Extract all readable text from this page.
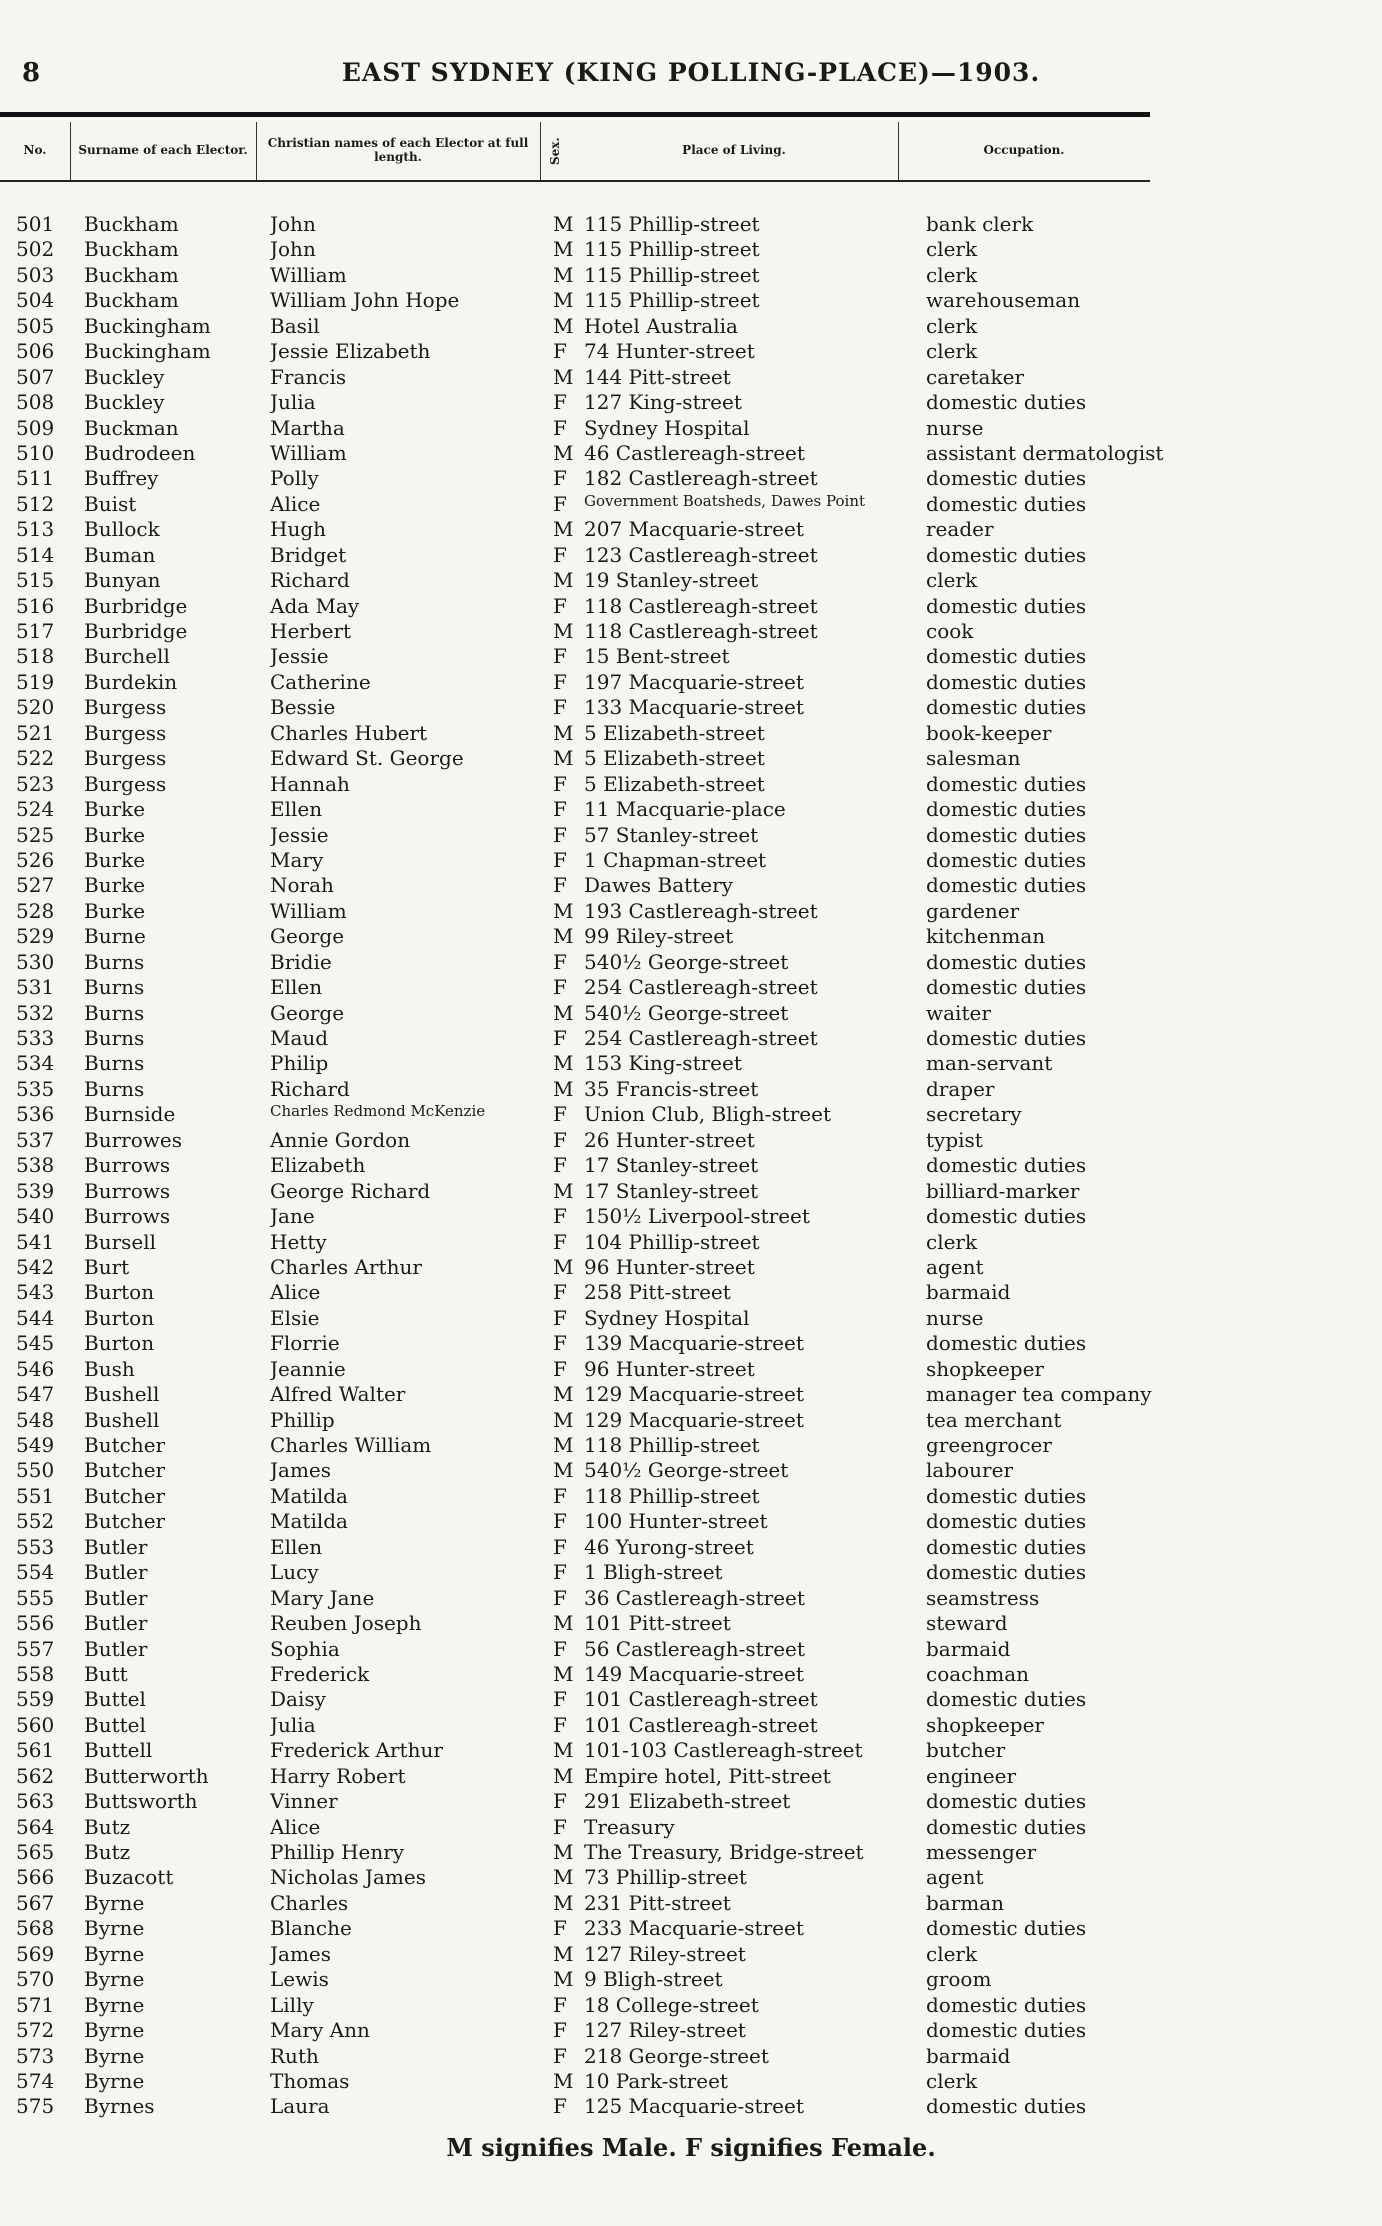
8	EAST SYDNEY (KING POLLING-PLACE)—1903.
No.	Surname of each Elector.	Christian names of each Elector at full length.	Sex.	Place of Living.	Occupation.
501	Buckham	John	M 115 Phillip-street	bank clerk
502	Buckham	John	M 115 Phillip-street	clerk
503	Buckham	William	M 115 Phillip-street	clerk
504	Buckham	William John Hope	M 115 Phillip-street	warehouseman
505	Buckingham	Basil	M Hotel Australia	clerk
506	Buckingham	Jessie Elizabeth	F 74 Hunter-street	clerk
507	Buckley	Francis	M 144 Pitt-street	caretaker
508	Buckley	Julia	F 127 King-street	domestic duties
509	Buckman	Martha	F Sydney Hospital	nurse
510	Budrodeen	William	M 46 Castlereagh-street	assistant dermatologist
511	Buffrey	Polly	F 182 Castlereagh-street	domestic duties
512	Buist	Alice	F	Government Boatsheds, Dawes Point	domestic duties
513	Bullock	Hugh	M 207 Macquarie-street	reader
514	Buman	Bridget	F 123 Castlereagh-street	domestic duties
515	Bunyan	Richard	M 19 Stanley-street	clerk
516	Burbridge	Ada May	F 118 Castlereagh-street	domestic duties
517	Burbridge	Herbert	M 118 Castlereagh-street	cook
518	Burchell	Jessie	F 15 Bent-street	domestic duties
519	Burdekin	Catherine	F 197 Macquarie-street	domestic duties
520	Burgess	Bessie	F 133 Macquarie-street	domestic duties
521	Burgess	Charles Hubert	M 5 Elizabeth-street	book-keeper
522	Burgess	Edward St. George	M 5 Elizabeth-street	salesman
523	Burgess	Hannah	F 5 Elizabeth-street	domestic duties
524	Burke	Ellen	F 11 Macquarie-place	domestic duties
525	Burke	Jessie	F 57 Stanley-street	domestic duties
526	Burke	Mary	F 1 Chapman-street	domestic duties
527	Burke	Norah	F Dawes Battery	domestic duties
528	Burke	William	M 193 Castlereagh-street	gardener
529	Burne	George	M 99 Riley-street	kitchenman
530	Burns	Bridie	F 540½ George-street	domestic duties
531	Burns	Ellen	F 254 Castlereagh-street	domestic duties
532	Burns	George	M 540½ George-street	waiter
533	Burns	Maud	F 254 Castlereagh-street	domestic duties
534	Burns	Philip	M 153 King-street	man-servant
535	Burns	Richard	M 35 Francis-street	draper
536	Burnside	Charles Redmond McKenzie	F Union Club, Bligh-street	secretary
537	Burrowes	Annie Gordon	F 26 Hunter-street	typist
538	Burrows	Elizabeth	F 17 Stanley-street	domestic duties
539	Burrows	George Richard	M 17 Stanley-street	billiard-marker
540	Burrows	Jane	F 150½ Liverpool-street	domestic duties
541	Bursell	Hetty	F 104 Phillip-street	clerk
542	Burt	Charles Arthur	M 96 Hunter-street	agent
543	Burton	Alice	F 258 Pitt-street	barmaid
544	Burton	Elsie	F Sydney Hospital	nurse
545	Burton	Florrie	F 139 Macquarie-street	domestic duties
546	Bush	Jeannie	F 96 Hunter-street	shopkeeper
547	Bushell	Alfred Walter	M 129 Macquarie-street	manager tea company
548	Bushell	Phillip	M 129 Macquarie-street	tea merchant
549	Butcher	Charles William	M 118 Phillip-street	greengrocer
550	Butcher	James	M 540½ George-street	labourer
551	Butcher	Matilda	F 118 Phillip-street	domestic duties
552	Butcher	Matilda	F 100 Hunter-street	domestic duties
553	Butler	Ellen	F 46 Yurong-street	domestic duties
554	Butler	Lucy	F 1 Bligh-street	domestic duties
555	Butler	Mary Jane	F 36 Castlereagh-street	seamstress
556	Butler	Reuben Joseph	M 101 Pitt-street	steward
557	Butler	Sophia	F 56 Castlereagh-street	barmaid
558	Butt	Frederick	M 149 Macquarie-street	coachman
559	Buttel	Daisy	F 101 Castlereagh-street	domestic duties
560	Buttel	Julia	F 101 Castlereagh-street	shopkeeper
561	Buttell	Frederick Arthur	M 101-103 Castlereagh-street	butcher
562	Butterworth	Harry Robert	M Empire hotel, Pitt-street	engineer
563	Buttsworth	Vinner	F 291 Elizabeth-street	domestic duties
564	Butz	Alice	F Treasury	domestic duties
565	Butz	Phillip Henry	M The Treasury, Bridge-street	messenger
566	Buzacott	Nicholas James	M 73 Phillip-street	agent
567	Byrne	Charles	M 231 Pitt-street	barman
568	Byrne	Blanche	F 233 Macquarie-street	domestic duties
569	Byrne	James	M 127 Riley-street	clerk
570	Byrne	Lewis	M 9 Bligh-street	groom
571	Byrne	Lilly	F 18 College-street	domestic duties
572	Byrne	Mary Ann	F 127 Riley-street	domestic duties
573	Byrne	Ruth	F 218 George-street	barmaid
574	Byrne	Thomas	M 10 Park-street	clerk
575	Byrnes	Laura	F 125 Macquarie-street	domestic duties
M signifies Male. F signifies Female.
